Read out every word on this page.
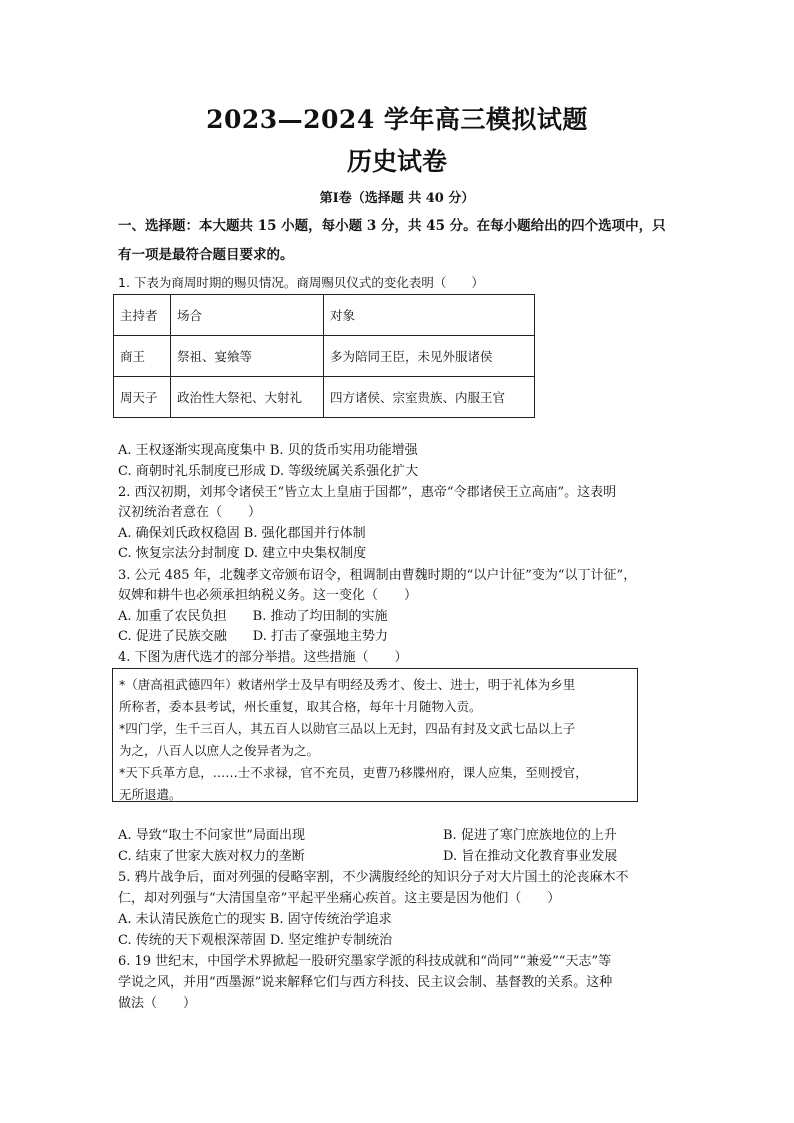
2023—2024 学年高三模拟试题
历史试卷
第Ⅰ卷（选择题 共 40 分）
一、选择题：本大题共 15 小题，每小题 3 分，共 45 分。在每小题给出的四个选项中，只
有一项是最符合题目要求的。
1. 下表为商周时期的赐贝情况。商周赐贝仪式的变化表明（　　）
主持者	场合	对象
商王	祭祖、宴飨等	多为陪同王臣，未见外服诸侯
周天子	政治性大祭祀、大射礼	四方诸侯、宗室贵族、内服王官
A. 王权逐渐实现高度集中 B. 贝的货币实用功能增强
C. 商朝时礼乐制度已形成 D. 等级统属关系强化扩大
2. 西汉初期，刘邦令诸侯王“皆立太上皇庙于国都”，惠帝“令郡诸侯王立高庙”。这表明
汉初统治者意在（　　）
A. 确保刘氏政权稳固 B. 强化郡国并行体制
C. 恢复宗法分封制度 D. 建立中央集权制度
3. 公元 485 年，北魏孝文帝颁布诏令，租调制由曹魏时期的“以户计征”变为“以丁计征”，
奴婢和耕牛也必须承担纳税义务。这一变化（　　）
A. 加重了农民负担　　B. 推动了均田制的实施
C. 促进了民族交融　　D. 打击了豪强地主势力
4. 下图为唐代选才的部分举措。这些措施（　　）

*（唐高祖武德四年）敕诸州学士及早有明经及秀才、俊士、进士，明于礼体为乡里

所称者，委本县考试，州长重复，取其合格，每年十月随物入贡。

*四门学，生千三百人，其五百人以勋官三品以上无封，四品有封及文武七品以上子

为之，八百人以庶人之俊异者为之。

*天下兵革方息，……士不求禄，官不充员，吏曹乃移牒州府，课人应集，至则授官，

无所退遣。

A. 导致“取士不问家世”局面出现	B. 促进了寒门庶族地位的上升
C. 结束了世家大族对权力的垄断	D. 旨在推动文化教育事业发展
5. 鸦片战争后，面对列强的侵略宰割，不少满腹经纶的知识分子对大片国土的沦丧麻木不
仁，却对列强与“大清国皇帝”平起平坐痛心疾首。这主要是因为他们（　　）
A. 未认清民族危亡的现实 B. 固守传统治学追求
C. 传统的天下观根深蒂固 D. 坚定维护专制统治
6. 19 世纪末，中国学术界掀起一股研究墨家学派的科技成就和“尚同”“兼爱”“天志”等
学说之风，并用“西墨源”说来解释它们与西方科技、民主议会制、基督教的关系。这种
做法（　　）
